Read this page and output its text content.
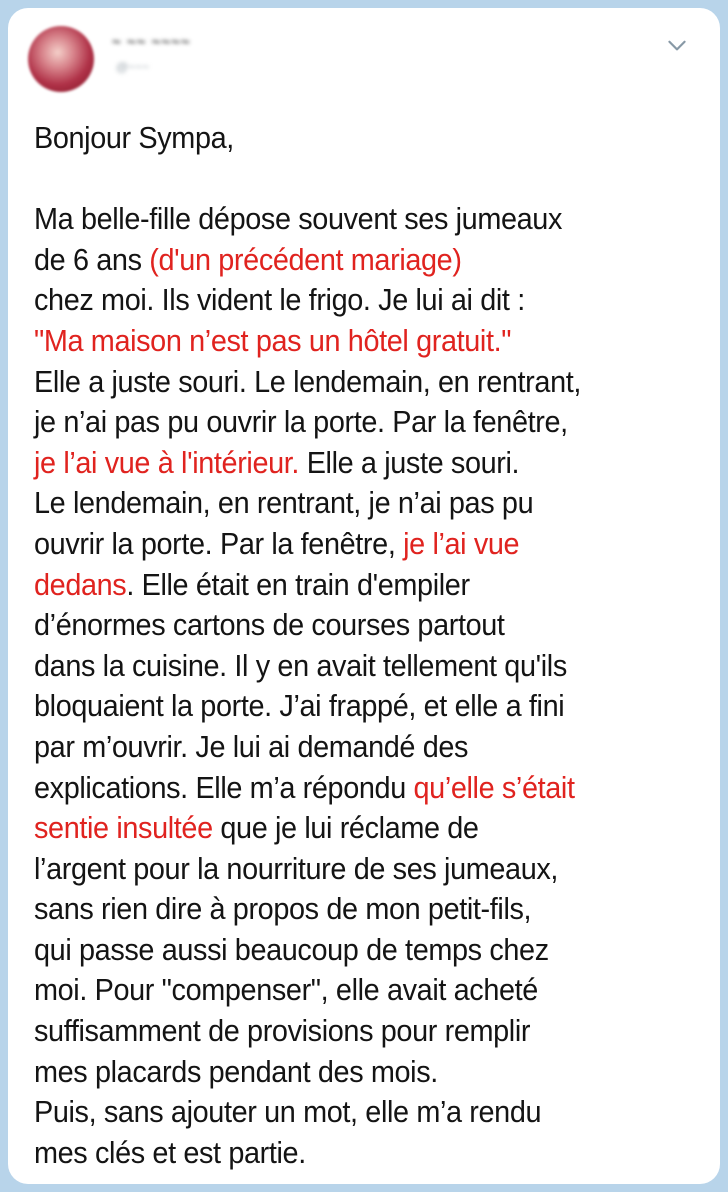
~ ~~ ~~~~
@~~~
Bonjour Sympa,

Ma belle-fille dépose souvent ses jumeaux
de 6 ans (d'un précédent mariage)
chez moi. Ils vident le frigo. Je lui ai dit :
"Ma maison n’est pas un hôtel gratuit."
Elle a juste souri. Le lendemain, en rentrant,
je n’ai pas pu ouvrir la porte. Par la fenêtre,
je l’ai vue à l'intérieur. Elle a juste souri.
Le lendemain, en rentrant, je n’ai pas pu
ouvrir la porte. Par la fenêtre, je l’ai vue
dedans. Elle était en train d'empiler
d’énormes cartons de courses partout
dans la cuisine. Il y en avait tellement qu'ils
bloquaient la porte. J’ai frappé, et elle a fini
par m’ouvrir. Je lui ai demandé des
explications. Elle m’a répondu qu’elle s’était
sentie insultée que je lui réclame de
l’argent pour la nourriture de ses jumeaux,
sans rien dire à propos de mon petit-fils,
qui passe aussi beaucoup de temps chez
moi. Pour "compenser", elle avait acheté
suffisamment de provisions pour remplir
mes placards pendant des mois.
Puis, sans ajouter un mot, elle m’a rendu
mes clés et est partie.
